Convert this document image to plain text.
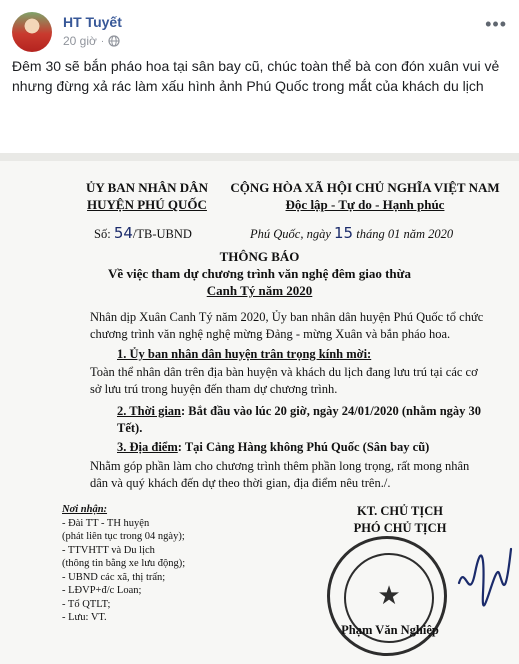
HT Tuyết
20 giờ ·
•••
Đêm 30 sẽ bắn pháo hoa tại sân bay cũ, chúc toàn thể bà con đón xuân vui vẻ nhưng đừng xả rác làm xấu hình ảnh Phú Quốc trong mắt của khách du lịch
ỦY BAN NHÂN DÂN
HUYỆN PHÚ QUỐC
CỘNG HÒA XÃ HỘI CHỦ NGHĨA VIỆT NAM
Độc lập - Tự do - Hạnh phúc
Số: 54/TB-UBND	Phú Quốc, ngày 15 tháng 01 năm 2020
THÔNG BÁO
Về việc tham dự chương trình văn nghệ đêm giao thừa
Canh Tý năm 2020
Nhân dịp Xuân Canh Tý năm 2020, Ủy ban nhân dân huyện Phú Quốc tổ chức chương trình văn nghệ nghệ mừng Đảng - mừng Xuân và bắn pháo hoa.
1. Ủy ban nhân dân huyện trân trọng kính mời:
Toàn thể nhân dân trên địa bàn huyện và khách du lịch đang lưu trú tại các cơ sở lưu trú trong huyện đến tham dự chương trình.
2. Thời gian: Bắt đầu vào lúc 20 giờ, ngày 24/01/2020 (nhằm ngày 30 Tết).
3. Địa điểm: Tại Cảng Hàng không Phú Quốc (Sân bay cũ)
Nhằm góp phần làm cho chương trình thêm phần long trọng, rất mong nhân dân và quý khách đến dự theo thời gian, địa điểm nêu trên./.
Nơi nhận:
- Đài TT - TH huyện
(phát liên tục trong 04 ngày);
- TTVHTT và Du lịch
(thông tin bằng xe lưu động);
- UBND các xã, thị trấn;
- LĐVP+đ/c Loan;
- Tổ QTLT;
- Lưu: VT.
KT. CHỦ TỊCH
PHÓ CHỦ TỊCH
★
Phạm Văn Nghiệp
